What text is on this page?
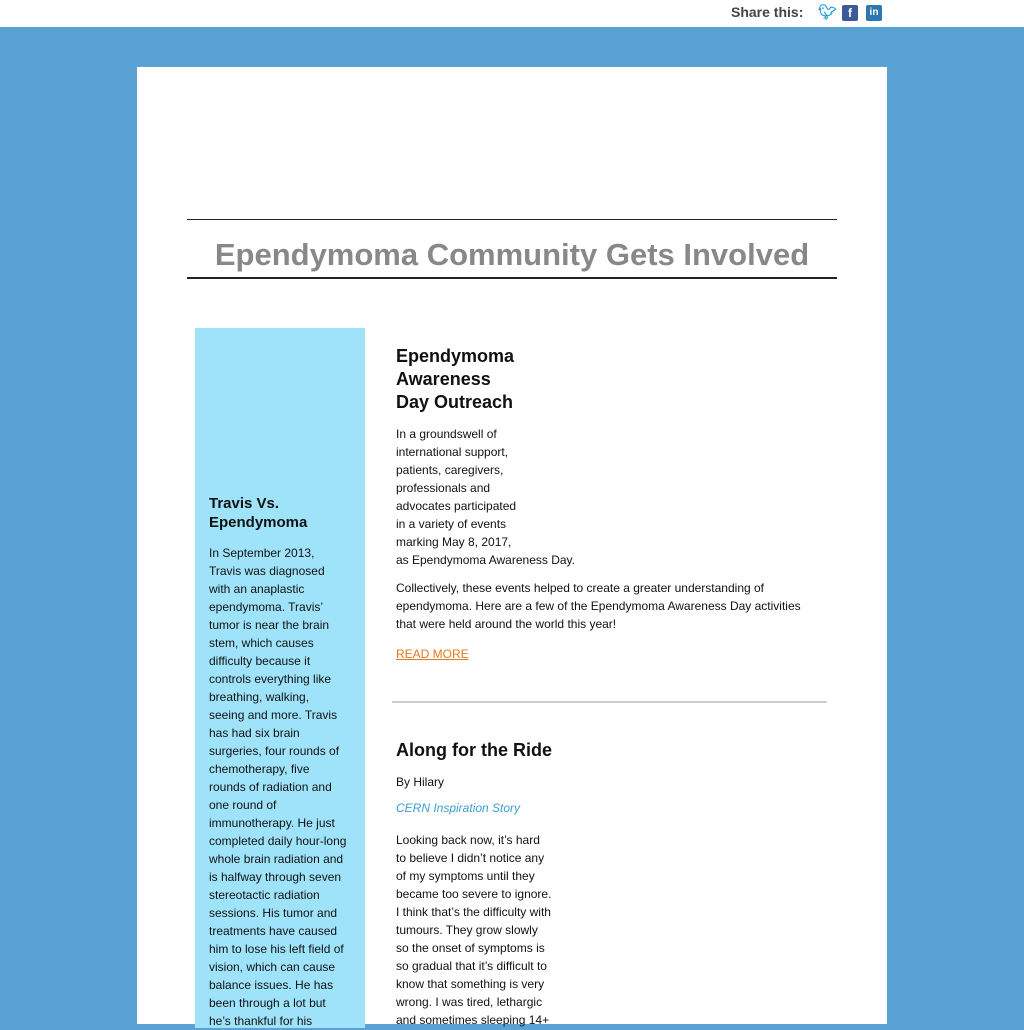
Share this: 🐦︎ f	in
Ependymoma Community Gets Involved
Travis Vs.
Ependymoma
In September 2013,
Travis was diagnosed
with an anaplastic
ependymoma. Travis’
tumor is near the brain
stem, which causes
difficulty because it
controls everything like
breathing, walking,
seeing and more. Travis
has had six brain
surgeries, four rounds of
chemotherapy, five
rounds of radiation and
one round of
immunotherapy. He just
completed daily hour-long
whole brain radiation and
is halfway through seven
stereotactic radiation
sessions. His tumor and
treatments have caused
him to lose his left field of
vision, which can cause
balance issues. He has
been through a lot but
he’s thankful for his
Ependymoma
Awareness
Day Outreach
In a groundswell of
international support,
patients, caregivers,
professionals and
advocates participated
in a variety of events
marking May 8, 2017,
as Ependymoma Awareness Day.
Collectively, these events helped to create a greater understanding of
ependymoma. Here are a few of the Ependymoma Awareness Day activities
that were held around the world this year!
READ MORE
Along for the Ride
By Hilary
CERN Inspiration Story
Looking back now, it’s hard
to believe I didn’t notice any
of my symptoms until they
became too severe to ignore.
I think that’s the difficulty with
tumours. They grow slowly
so the onset of symptoms is
so gradual that it’s difficult to
know that something is very
wrong. I was tired, lethargic
and sometimes sleeping 14+
